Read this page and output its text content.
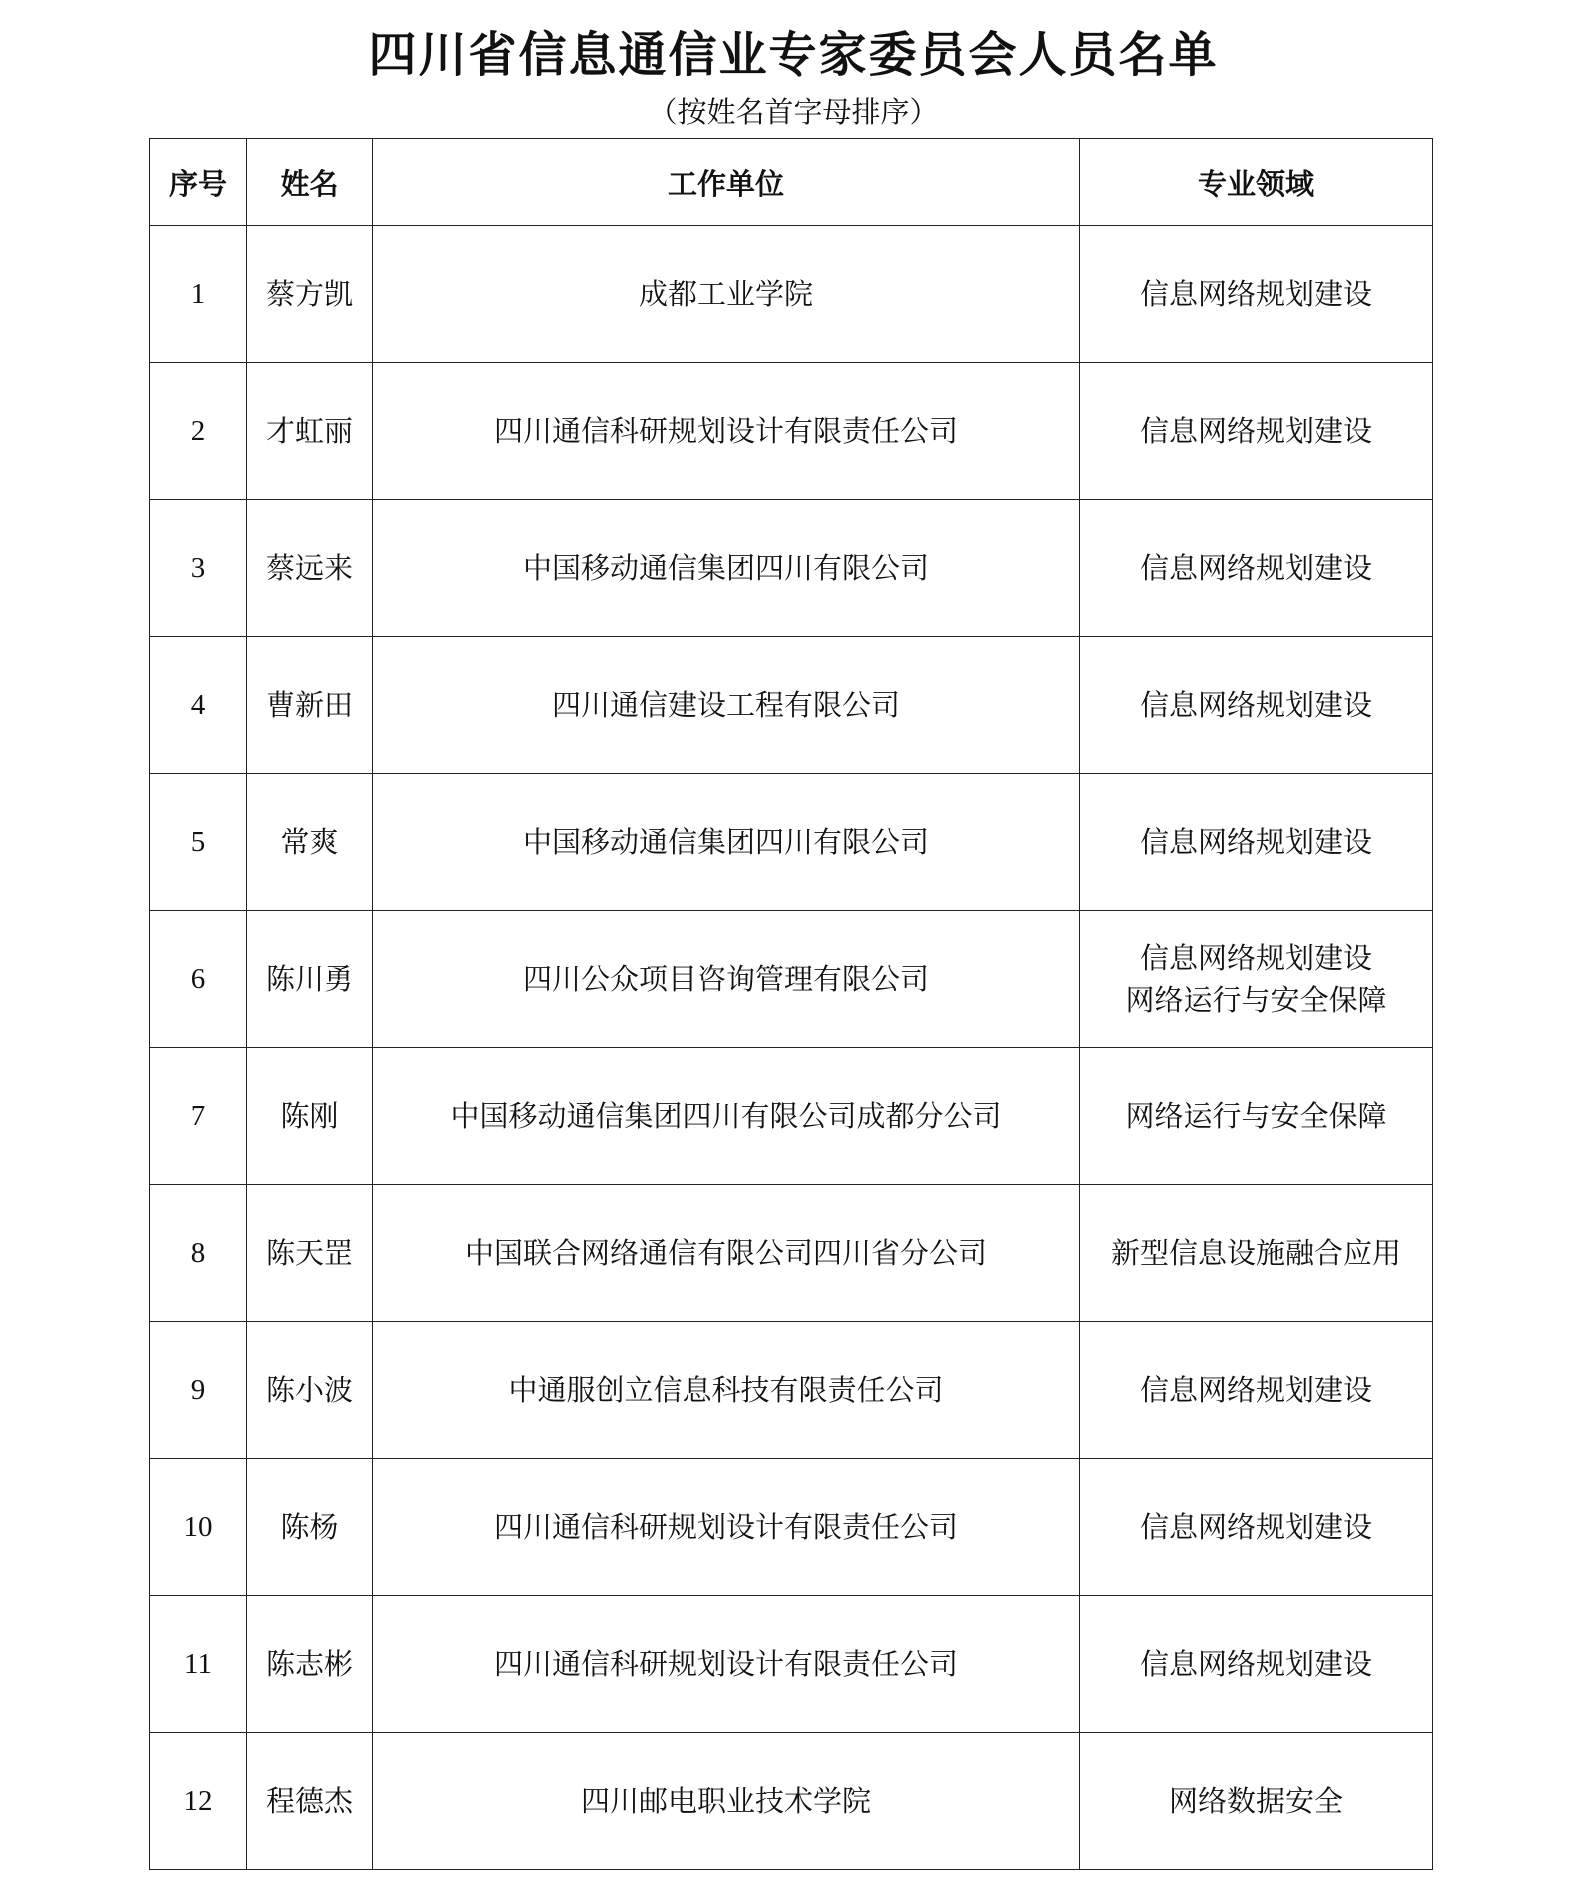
四川省信息通信业专家委员会人员名单
（按姓名首字母排序）
序号	姓名	工作单位	专业领域
1	蔡方凯	成都工业学院	信息网络规划建设

2	才虹丽	四川通信科研规划设计有限责任公司	信息网络规划建设

3	蔡远来	中国移动通信集团四川有限公司	信息网络规划建设

4	曹新田	四川通信建设工程有限公司	信息网络规划建设

5	常爽	中国移动通信集团四川有限公司	信息网络规划建设

6	陈川勇	四川公众项目咨询管理有限公司	信息网络规划建设
网络运行与安全保障

7	陈刚	中国移动通信集团四川有限公司成都分公司	网络运行与安全保障

8	陈天罡	中国联合网络通信有限公司四川省分公司	新型信息设施融合应用

9	陈小波	中通服创立信息科技有限责任公司	信息网络规划建设

10	陈杨	四川通信科研规划设计有限责任公司	信息网络规划建设

11	陈志彬	四川通信科研规划设计有限责任公司	信息网络规划建设

12	程德杰	四川邮电职业技术学院	网络数据安全
